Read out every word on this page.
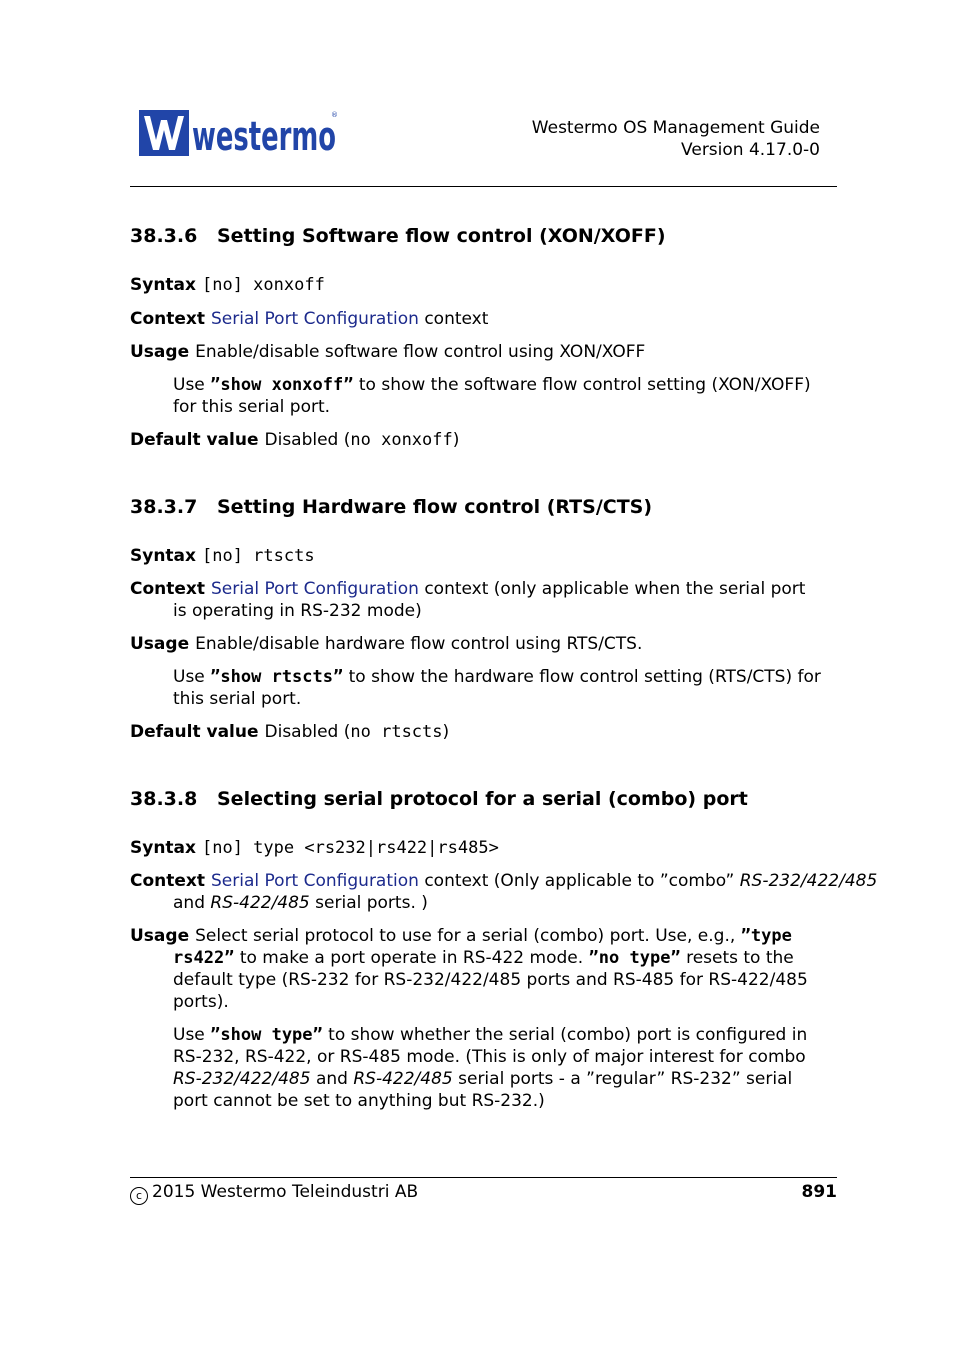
westermo
®
Westermo OS Management Guide
Version 4.17.0-0
38.3.6 Setting Software flow control (XON/XOFF)
Syntax [no] xonxoff
Context Serial Port Configuration context
Usage Enable/disable software flow control using XON/XOFF
Use ”show xonxoff” to show the software flow control setting (XON/XOFF)
for this serial port.
Default value Disabled (no xonxoff)
38.3.7 Setting Hardware flow control (RTS/CTS)
Syntax [no] rtscts
Context Serial Port Configuration context (only applicable when the serial port
is operating in RS-232 mode)
Usage Enable/disable hardware flow control using RTS/CTS.
Use ”show rtscts” to show the hardware flow control setting (RTS/CTS) for
this serial port.
Default value Disabled (no rtscts)
38.3.8 Selecting serial protocol for a serial (combo) port
Syntax [no] type <rs232|rs422|rs485>
Context Serial Port Configuration context (Only applicable to ”combo” RS-232/422/485
and RS-422/485 serial ports. )
Usage Select serial protocol to use for a serial (combo) port. Use, e.g., ”type
rs422” to make a port operate in RS-422 mode. ”no type” resets to the
default type (RS-232 for RS-232/422/485 ports and RS-485 for RS-422/485
ports).
Use ”show type” to show whether the serial (combo) port is configured in
RS-232, RS-422, or RS-485 mode. (This is only of major interest for combo
RS-232/422/485 and RS-422/485 serial ports - a ”regular” RS-232” serial
port cannot be set to anything but RS-232.)
c 2015 Westermo Teleindustri AB	891
